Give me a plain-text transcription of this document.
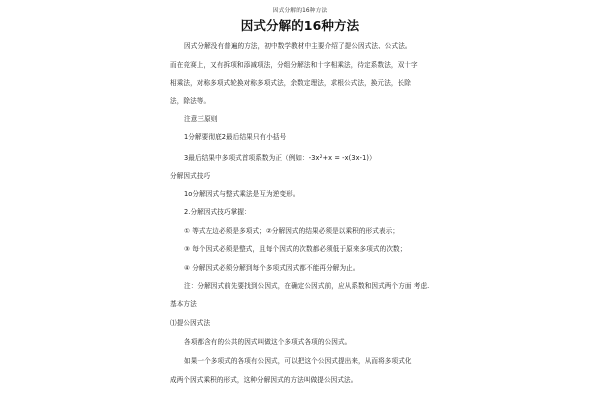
因式分解的16种方法
因式分解的16种方法
因式分解没有普遍的方法，初中数学教材中主要介绍了提公因式法、公式法。
而在竞赛上，又有拆项和添减项法，分组分解法和十字相乘法，待定系数法，双十字
相乘法，对称多项式轮换对称多项式法，余数定理法，求根公式法，换元法，长除
法，除法等。
注意三原则
1分解要彻底2最后结果只有小括号
3最后结果中多项式首项系数为正（例如：$-3x^2+x = -x(3x-1)$）
分解因式技巧
1o分解因式与整式乘法是互为逆变形。
2.分解因式技巧掌握：
① 等式左边必须是多项式；②分解因式的结果必须是以乘积的形式表示；
③ 每个因式必须是整式，且每个因式的次数都必须低于原来多项式的次数；
④ 分解因式必须分解到每个多项式因式都不能再分解为止。
注：分解因式前先要找到公因式，在确定公因式前，应从系数和因式两个方面 考虑.
基本方法
⑴提公因式法
各项都含有的公共的因式叫做这个多项式各项的公因式。
如果一个多项式的各项有公因式，可以把这个公因式提出来，从而将多项式化
成两个因式乘积的形式，这种分解因式的方法叫做提公因式法。
